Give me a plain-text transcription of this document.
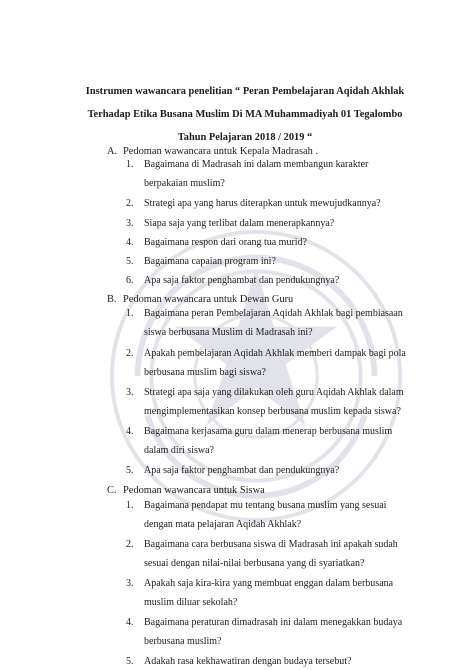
Instrumen wawancara penelitian “ Peran Pembelajaran Aqidah Akhlak
Terhadap Etika Busana Muslim Di MA Muhammadiyah 01 Tegalombo
Tahun Pelajaran 2018 / 2019 “
A. Pedoman wawancara untuk Kepala Madrasah .
1. Bagaimana di Madrasah ini dalam membangun karakter
berpakaian muslim?
2. Strategi apa yang harus diterapkan untuk mewujudkannya?
3. Siapa saja yang terlibat dalam menerapkannya?
4. Bagaimana respon dari orang tua murid?
5. Bagaimana capaian program ini?
6. Apa saja faktor penghambat dan pendukungnya?
B. Pedoman wawancara untuk Dewan Guru
1. Bagaimana peran Pembelajaran Aqidah Akhlak bagi pembiasaan
siswa berbusana Muslim di Madrasah ini?
2. Apakah pembelajaran Aqidah Akhlak memberi dampak bagi pola
berbusana muslim bagi siswa?
3. Strategi apa saja yang dilakukan oleh guru Aqidah Akhlak dalam
mengimplementasikan konsep berbusana muslim kepada siswa?
4. Bagaimana kerjasama guru dalam menerap berbusana muslim
dalam diri siswa?
5. Apa saja faktor penghambat dan pendukungnya?
C. Pedoman wawancara untuk Siswa
1. Bagaimana pendapat mu tentang busana muslim yang sesuai
dengan mata pelajaran Aqidah Akhlak?
2. Bagaimana cara berbusana siswa di Madrasah ini apakah sudah
sesuai dengan nilai-nilai berbusana yang di syariatkan?
3. Apakah saja kira-kira yang membuat enggan dalam berbusana
muslim diluar sekolah?
4. Bagaimana peraturan dimadrasah ini dalam menegakkan budaya
berbusana muslim?
5. Adakah rasa kekhawatiran dengan budaya tersebut?
